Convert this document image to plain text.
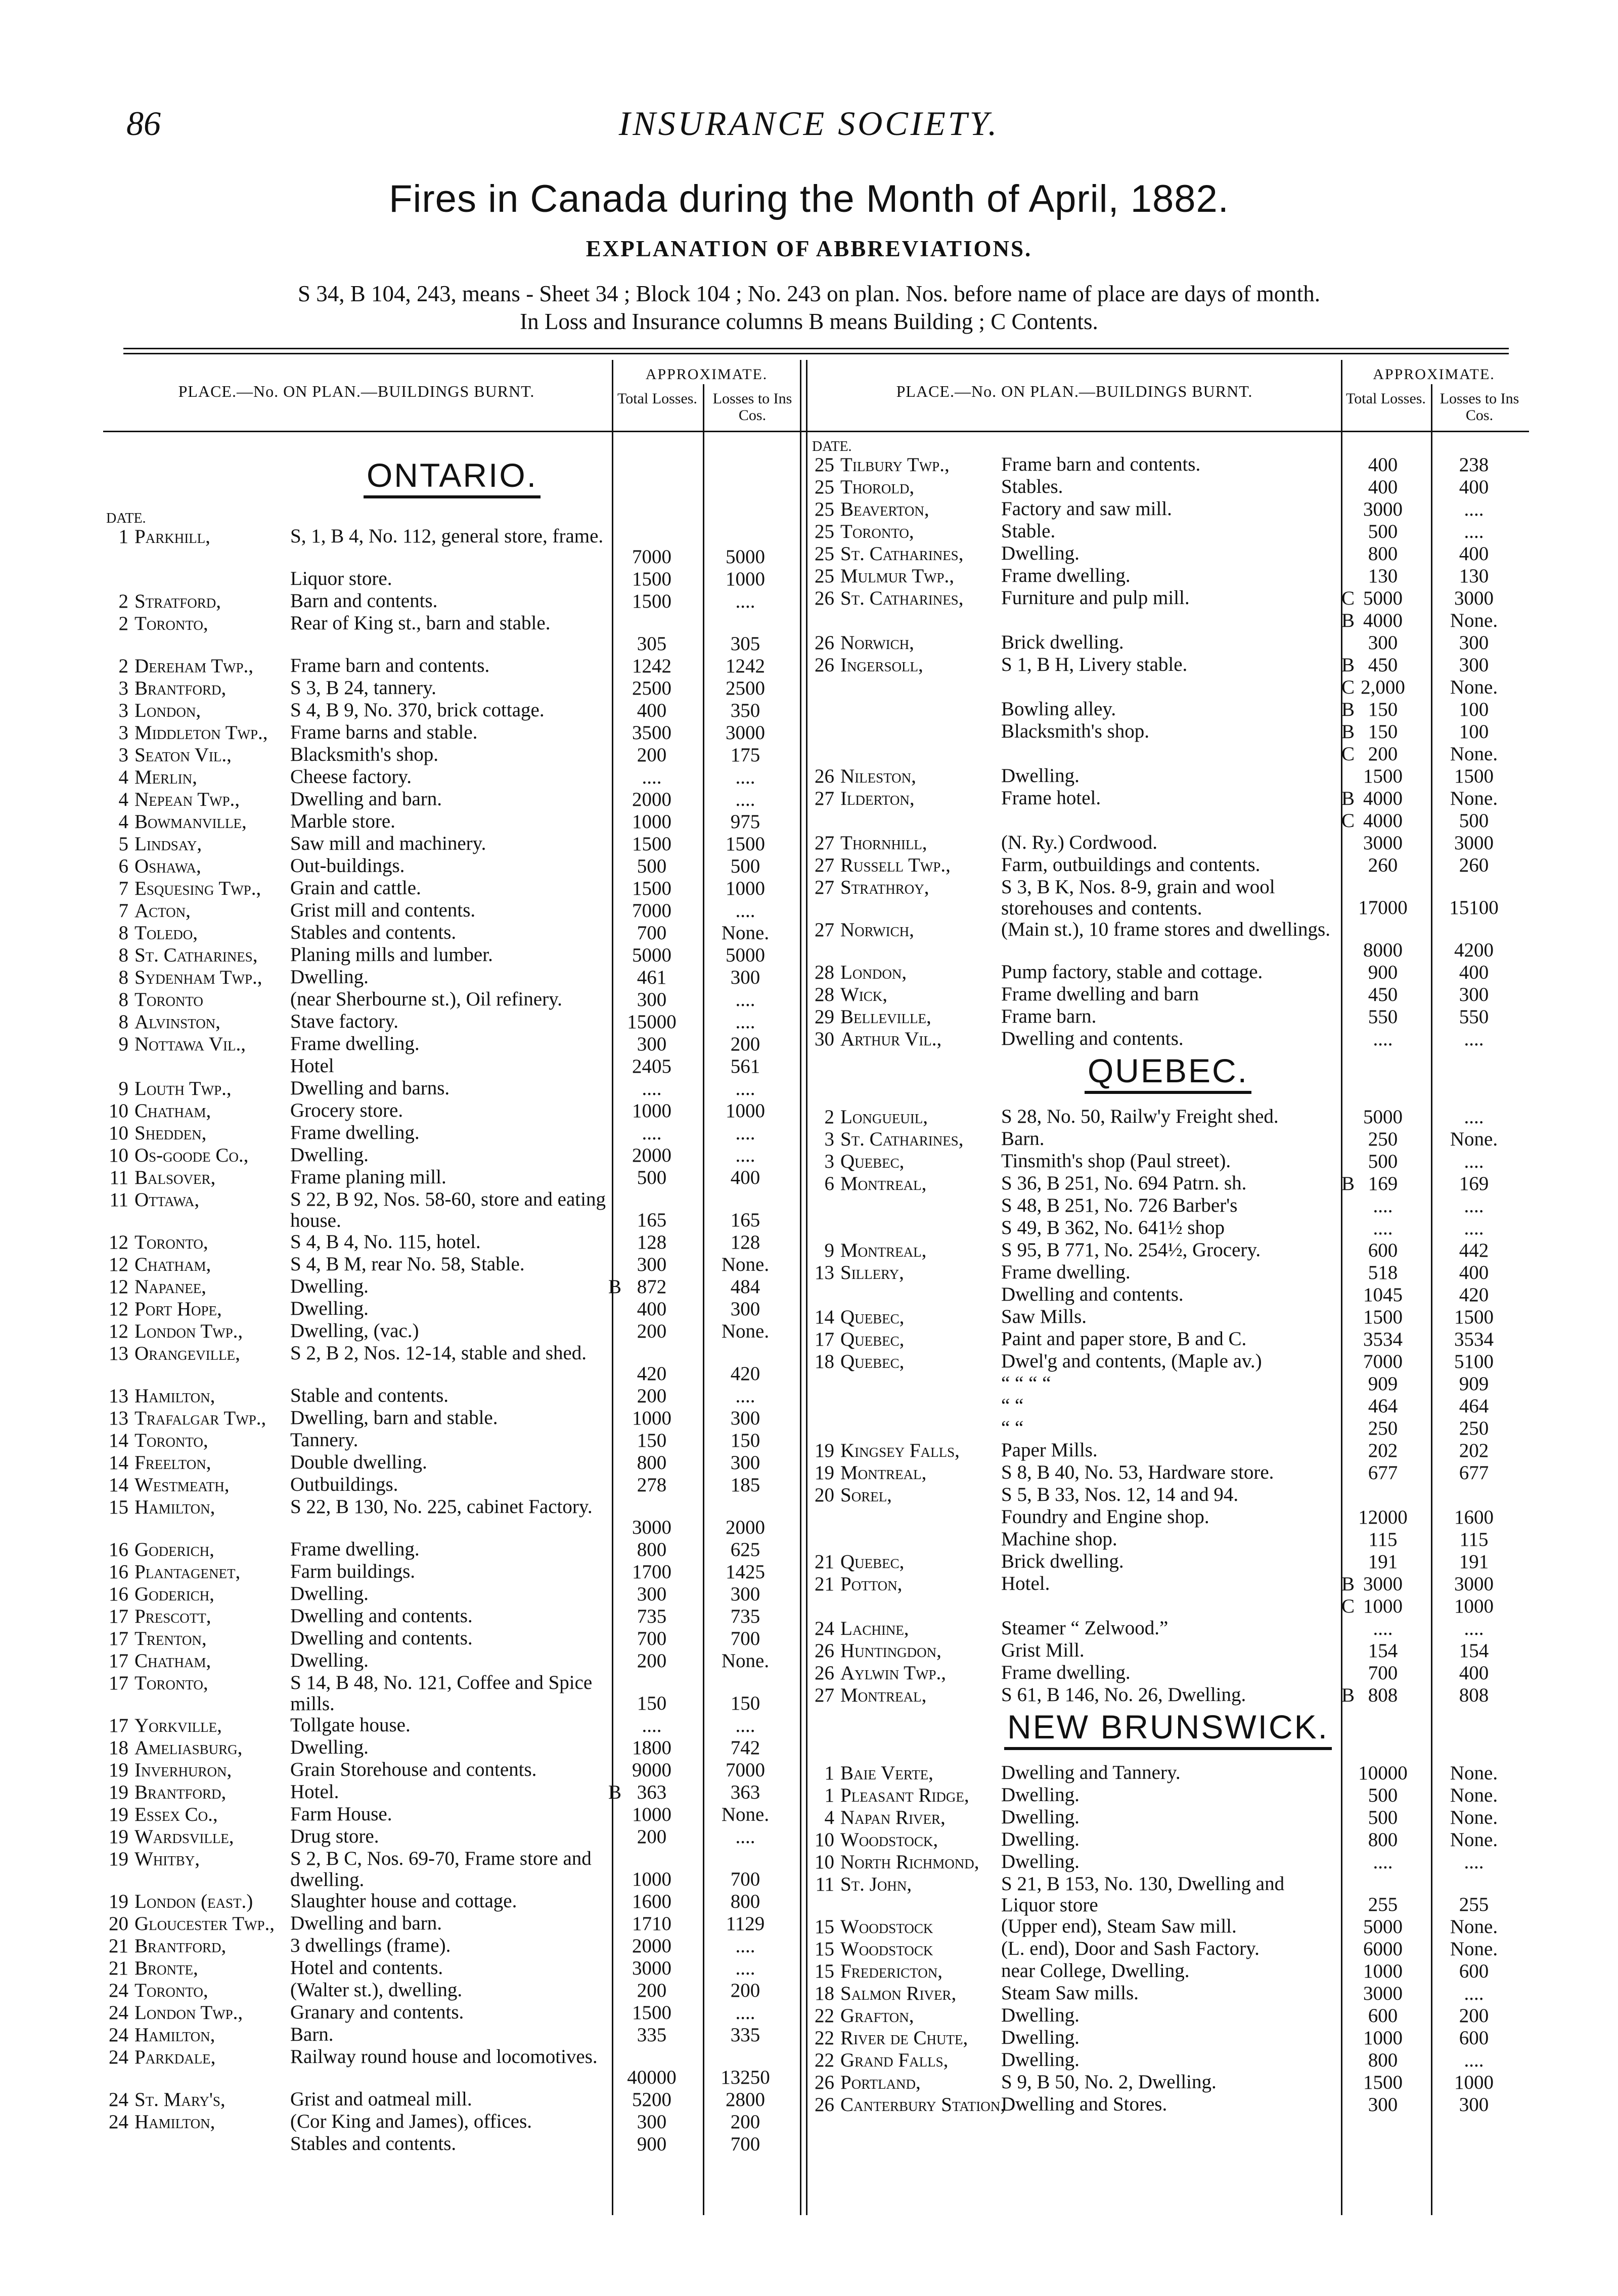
86	INSURANCE SOCIETY.
Fires in Canada during the Month of April, 1882.
EXPLANATION OF ABBREVIATIONS.
S 34, B 104, 243, means - Sheet 34 ; Block 104 ; No. 243 on plan. Nos. before name of place are days of month.
In Loss and Insurance columns B means Building ; C Contents.
PLACE.—No. ON PLAN.—BUILDINGS BURNT.
APPROXIMATE.
Total Losses.	Losses to Ins Cos.
PLACE.—No. ON PLAN.—BUILDINGS BURNT.
APPROXIMATE.
Total Losses. Losses to Ins Cos.
ONTARIO.
DATE.
1 Parkhill,	S, 1, B 4, No. 112, general store, frame.
7000	5000
Liquor store.	1500	1000
2 Stratford,	Barn and contents.	1500	....
2 Toronto,	Rear of King st., barn and stable.
305	305
2 Dereham Twp., Frame barn and contents.	1242	1242
3 Brantford,	S 3, B 24, tannery.	2500	2500
3 London,	S 4, B 9, No. 370, brick cottage.	400	350
3 Middleton Twp., Frame barns and stable.	3500	3000
3 Seaton Vil.,	Blacksmith's shop.	200	175
4 Merlin,	Cheese factory.	....	....
4 Nepean Twp.,	Dwelling and barn.	2000	....
4 Bowmanville, Marble store.	1000	975
5 Lindsay,	Saw mill and machinery.	1500	1500
6 Oshawa,	Out-buildings.	500	500
7 Esquesing Twp., Grain and cattle.	1500	1000
7 Acton,	Grist mill and contents.	7000	....
8 Toledo,	Stables and contents.	700	None.
8 St. Catharines, Planing mills and lumber.	5000	5000
8 Sydenham Twp., Dwelling.	461	300
8 Toronto	(near Sherbourne st.), Oil refinery.	300	....
8 Alvinston,	Stave factory.	15000	....
9 Nottawa Vil., Frame dwelling.	300	200
Hotel	2405	561
9 Louth Twp.,	Dwelling and barns.	....	....
10 Chatham,	Grocery store.	1000	1000
10 Shedden,	Frame dwelling.	....	....
10 Os-goode Co., Dwelling.	2000	....
11 Balsover,	Frame planing mill.	500	400
11 Ottawa,	S 22, B 92, Nos. 58-60, store and eating house.	165	165
12 Toronto,	S 4, B 4, No. 115, hotel.	128	128
12 Chatham,	S 4, B M, rear No. 58, Stable.	300	None.
12 Napanee,	Dwelling.	B 872	484
12 Port Hope,	Dwelling.	400	300
12 London Twp., Dwelling, (vac.)	200	None.
13 Orangeville,	S 2, B 2, Nos. 12-14, stable and shed.
420	420
13 Hamilton,	Stable and contents.	200	....
13 Trafalgar Twp., Dwelling, barn and stable.	1000	300
14 Toronto,	Tannery.	150	150
14 Freelton,	Double dwelling.	800	300
14 Westmeath,	Outbuildings.	278	185
15 Hamilton,	S 22, B 130, No. 225, cabinet Factory.
3000	2000
16 Goderich,	Frame dwelling.	800	625
16 Plantagenet,	Farm buildings.	1700	1425
16 Goderich,	Dwelling.	300	300
17 Prescott,	Dwelling and contents.	735	735
17 Trenton,	Dwelling and contents.	700	700
17 Chatham,	Dwelling.	200	None.
17 Toronto,	S 14, B 48, No. 121, Coffee and Spice mills.	150	150
17 Yorkville,	Tollgate house.	....	....
18 Ameliasburg, Dwelling.	1800	742
19 Inverhuron,	Grain Storehouse and contents.	9000	7000
19 Brantford,	Hotel.	B 363	363
19 Essex Co.,	Farm House.	1000	None.
19 Wardsville,	Drug store.	200	....
19 Whitby,	S 2, B C, Nos. 69-70, Frame store and dwelling.	1000	700
19 London (east.) Slaughter house and cottage.	1600	800
20 Gloucester Twp., Dwelling and barn.	1710	1129
21 Brantford,	3 dwellings (frame).	2000	....
21 Bronte,	Hotel and contents.	3000	....
24 Toronto,	(Walter st.), dwelling.	200	200
24 London Twp., Granary and contents.	1500	....
24 Hamilton,	Barn.	335	335
24 Parkdale,	Railway round house and locomotives.
40000	13250
24 St. Mary's,	Grist and oatmeal mill.	5200	2800
24 Hamilton,	(Cor King and James), offices.	300	200
Stables and contents.	900	700
DATE.
25 Tilbury Twp.,	Frame barn and contents.	400	238
25 Thorold,	Stables.	400	400
25 Beaverton,	Factory and saw mill.	3000	....
25 Toronto,	Stable.	500	....
25 St. Catharines, Dwelling.	800	400
25 Mulmur Twp., Frame dwelling.	130	130
26 St. Catharines, Furniture and pulp mill.	C 5000	3000
B 4000	None.
26 Norwich,	Brick dwelling.	300	300
26 Ingersoll,	S 1, B H, Livery stable.	B 450	300
C 2,000	None.
Bowling alley.	B 150	100
Blacksmith's shop.	B 150	100
C 200	None.
26 Nileston,	Dwelling.	1500	1500
27 Ilderton,	Frame hotel.	B 4000	None.
C 4000	500
27 Thornhill,	(N. Ry.) Cordwood.	3000	3000
27 Russell Twp.,	Farm, outbuildings and contents.	260	260
27 Strathroy,	S 3, B K, Nos. 8-9, grain and wool storehouses and contents.	17000	15100
27 Norwich,	(Main st.), 10 frame stores and dwellings.
8000	4200
28 London,	Pump factory, stable and cottage.	900	400
28 Wick,	Frame dwelling and barn	450	300
29 Belleville,	Frame barn.	550	550
30 Arthur Vil.,	Dwelling and contents.	....	....
QUEBEC.
2 Longueuil,	S 28, No. 50, Railw'y Freight shed.	5000	....
3 St. Catharines, Barn.	250	None.
3 Quebec,	Tinsmith's shop (Paul street).	500	....
6 Montreal,	S 36, B 251, No. 694 Patrn. sh.	B 169	169
S 48, B 251, No. 726 Barber's	....	....
S 49, B 362, No. 641½ shop	....	....
9 Montreal,	S 95, B 771, No. 254½, Grocery.	600	442
13 Sillery,	Frame dwelling.	518	400
Dwelling and contents.	1045	420
14 Quebec,	Saw Mills.	1500	1500
17 Quebec,	Paint and paper store, B and C.	3534	3534
18 Quebec,	Dwel'g and contents, (Maple av.)	7000	5100
“ “ “ “	909	909
“ “	464	464
“ “	250	250
19 Kingsey Falls, Paper Mills.	202	202
19 Montreal,	S 8, B 40, No. 53, Hardware store.	677	677
20 Sorel,	S 5, B 33, Nos. 12, 14 and 94.
Foundry and Engine shop.	12000	1600
Machine shop.	115	115
21 Quebec,	Brick dwelling.	191	191
21 Potton,	Hotel.	B 3000	3000
C 1000	1000
24 Lachine,	Steamer “ Zelwood.”	....	....
26 Huntingdon,	Grist Mill.	154	154
26 Aylwin Twp.,	Frame dwelling.	700	400
27 Montreal,	S 61, B 146, No. 26, Dwelling.	B 808	808
NEW BRUNSWICK.
1 Baie Verte,	Dwelling and Tannery.	10000	None.
1 Pleasant Ridge, Dwelling.	500	None.
4 Napan River,	Dwelling.	500	None.
10 Woodstock,	Dwelling.	800	None.
10 North Richmond, Dwelling.	....	....
11 St. John,	S 21, B 153, No. 130, Dwelling and Liquor store	255	255
15 Woodstock	(Upper end), Steam Saw mill.	5000	None.
15 Woodstock	(L. end), Door and Sash Factory.	6000	None.
15 Fredericton,	near College, Dwelling.	1000	600
18 Salmon River, Steam Saw mills.	3000	....
22 Grafton,	Dwelling.	600	200
22 River de Chute, Dwelling.	1000	600
22 Grand Falls,	Dwelling.	800	....
26 Portland,	S 9, B 50, No. 2, Dwelling.	1500	1000
26 Canterbury Station,
Dwelling and Stores.	300	300
